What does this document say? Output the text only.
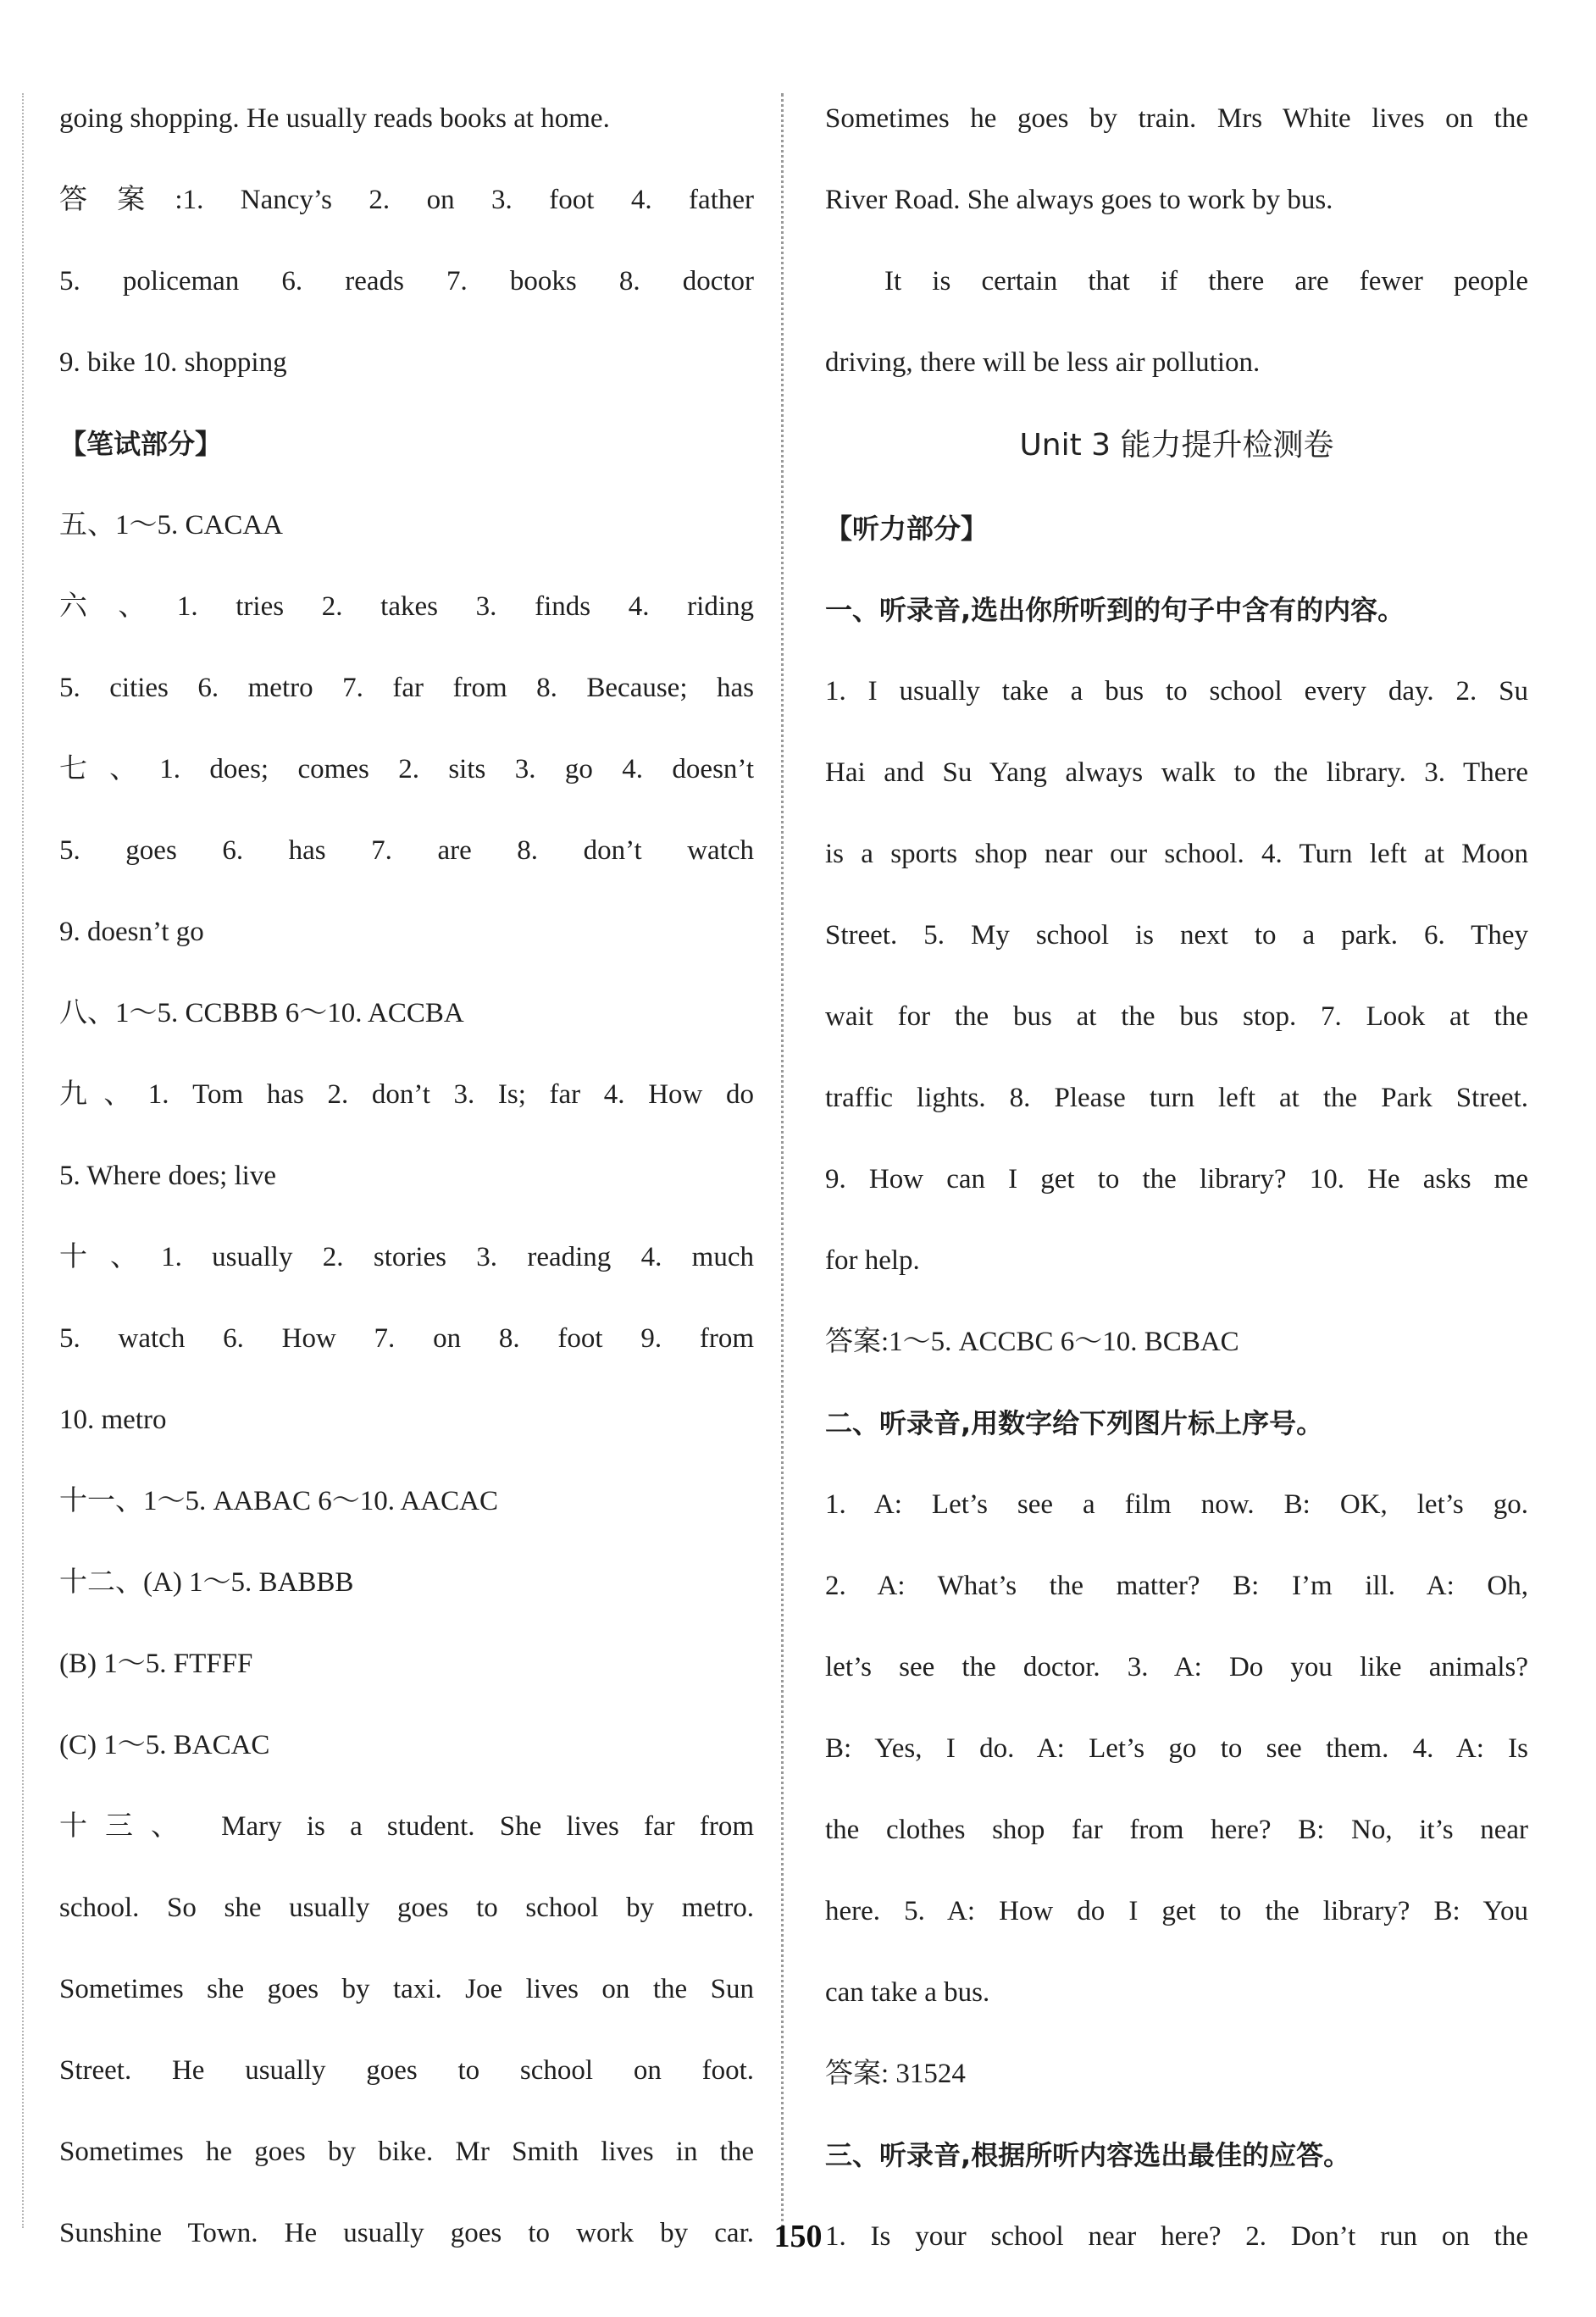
going shopping. He usually reads books at home.
答案:1. Nancy’s 2. on 3. foot 4. father
5. policeman 6. reads 7. books 8. doctor
9. bike 10. shopping
【笔试部分】
五、1～5. CACAA
六、1. tries 2. takes 3. finds 4. riding
5. cities 6. metro 7. far from 8. Because; has
七、1. does; comes 2. sits 3. go 4. doesn’t
5. goes 6. has 7. are 8. don’t watch
9. doesn’t go
八、1～5. CCBBB 6～10. ACCBA
九、1. Tom has 2. don’t 3. Is; far 4. How do
5. Where does; live
十、1. usually 2. stories 3. reading 4. much
5. watch 6. How 7. on 8. foot 9. from
10. metro
十一、1～5. AABAC 6～10. AACAC
十二、(A) 1～5. BABBB
(B) 1～5. FTFFF
(C) 1～5. BACAC
十三、 Mary is a student. She lives far from
school. So she usually goes to school by metro.
Sometimes she goes by taxi. Joe lives on the Sun
Street. He usually goes to school on foot.
Sometimes he goes by bike. Mr Smith lives in the
Sunshine Town. He usually goes to work by car.
Sometimes he goes by train. Mrs White lives on the
River Road. She always goes to work by bus.
It is certain that if there are fewer people
driving, there will be less air pollution.
Unit 3 能力提升检测卷
【听力部分】
一、听录音,选出你所听到的句子中含有的内容。
1. I usually take a bus to school every day. 2. Su
Hai and Su Yang always walk to the library. 3. There
is a sports shop near our school. 4. Turn left at Moon
Street. 5. My school is next to a park. 6. They
wait for the bus at the bus stop. 7. Look at the
traffic lights. 8. Please turn left at the Park Street.
9. How can I get to the library? 10. He asks me
for help.
答案:1～5. ACCBC 6～10. BCBAC
二、听录音,用数字给下列图片标上序号。
1. A: Let’s see a film now. B: OK, let’s go.
2. A: What’s the matter? B: I’m ill. A: Oh,
let’s see the doctor. 3. A: Do you like animals?
B: Yes, I do. A: Let’s go to see them. 4. A: Is
the clothes shop far from here? B: No, it’s near
here. 5. A: How do I get to the library? B: You
can take a bus.
答案: 31524
三、听录音,根据所听内容选出最佳的应答。
1. Is your school near here? 2. Don’t run on the
150
